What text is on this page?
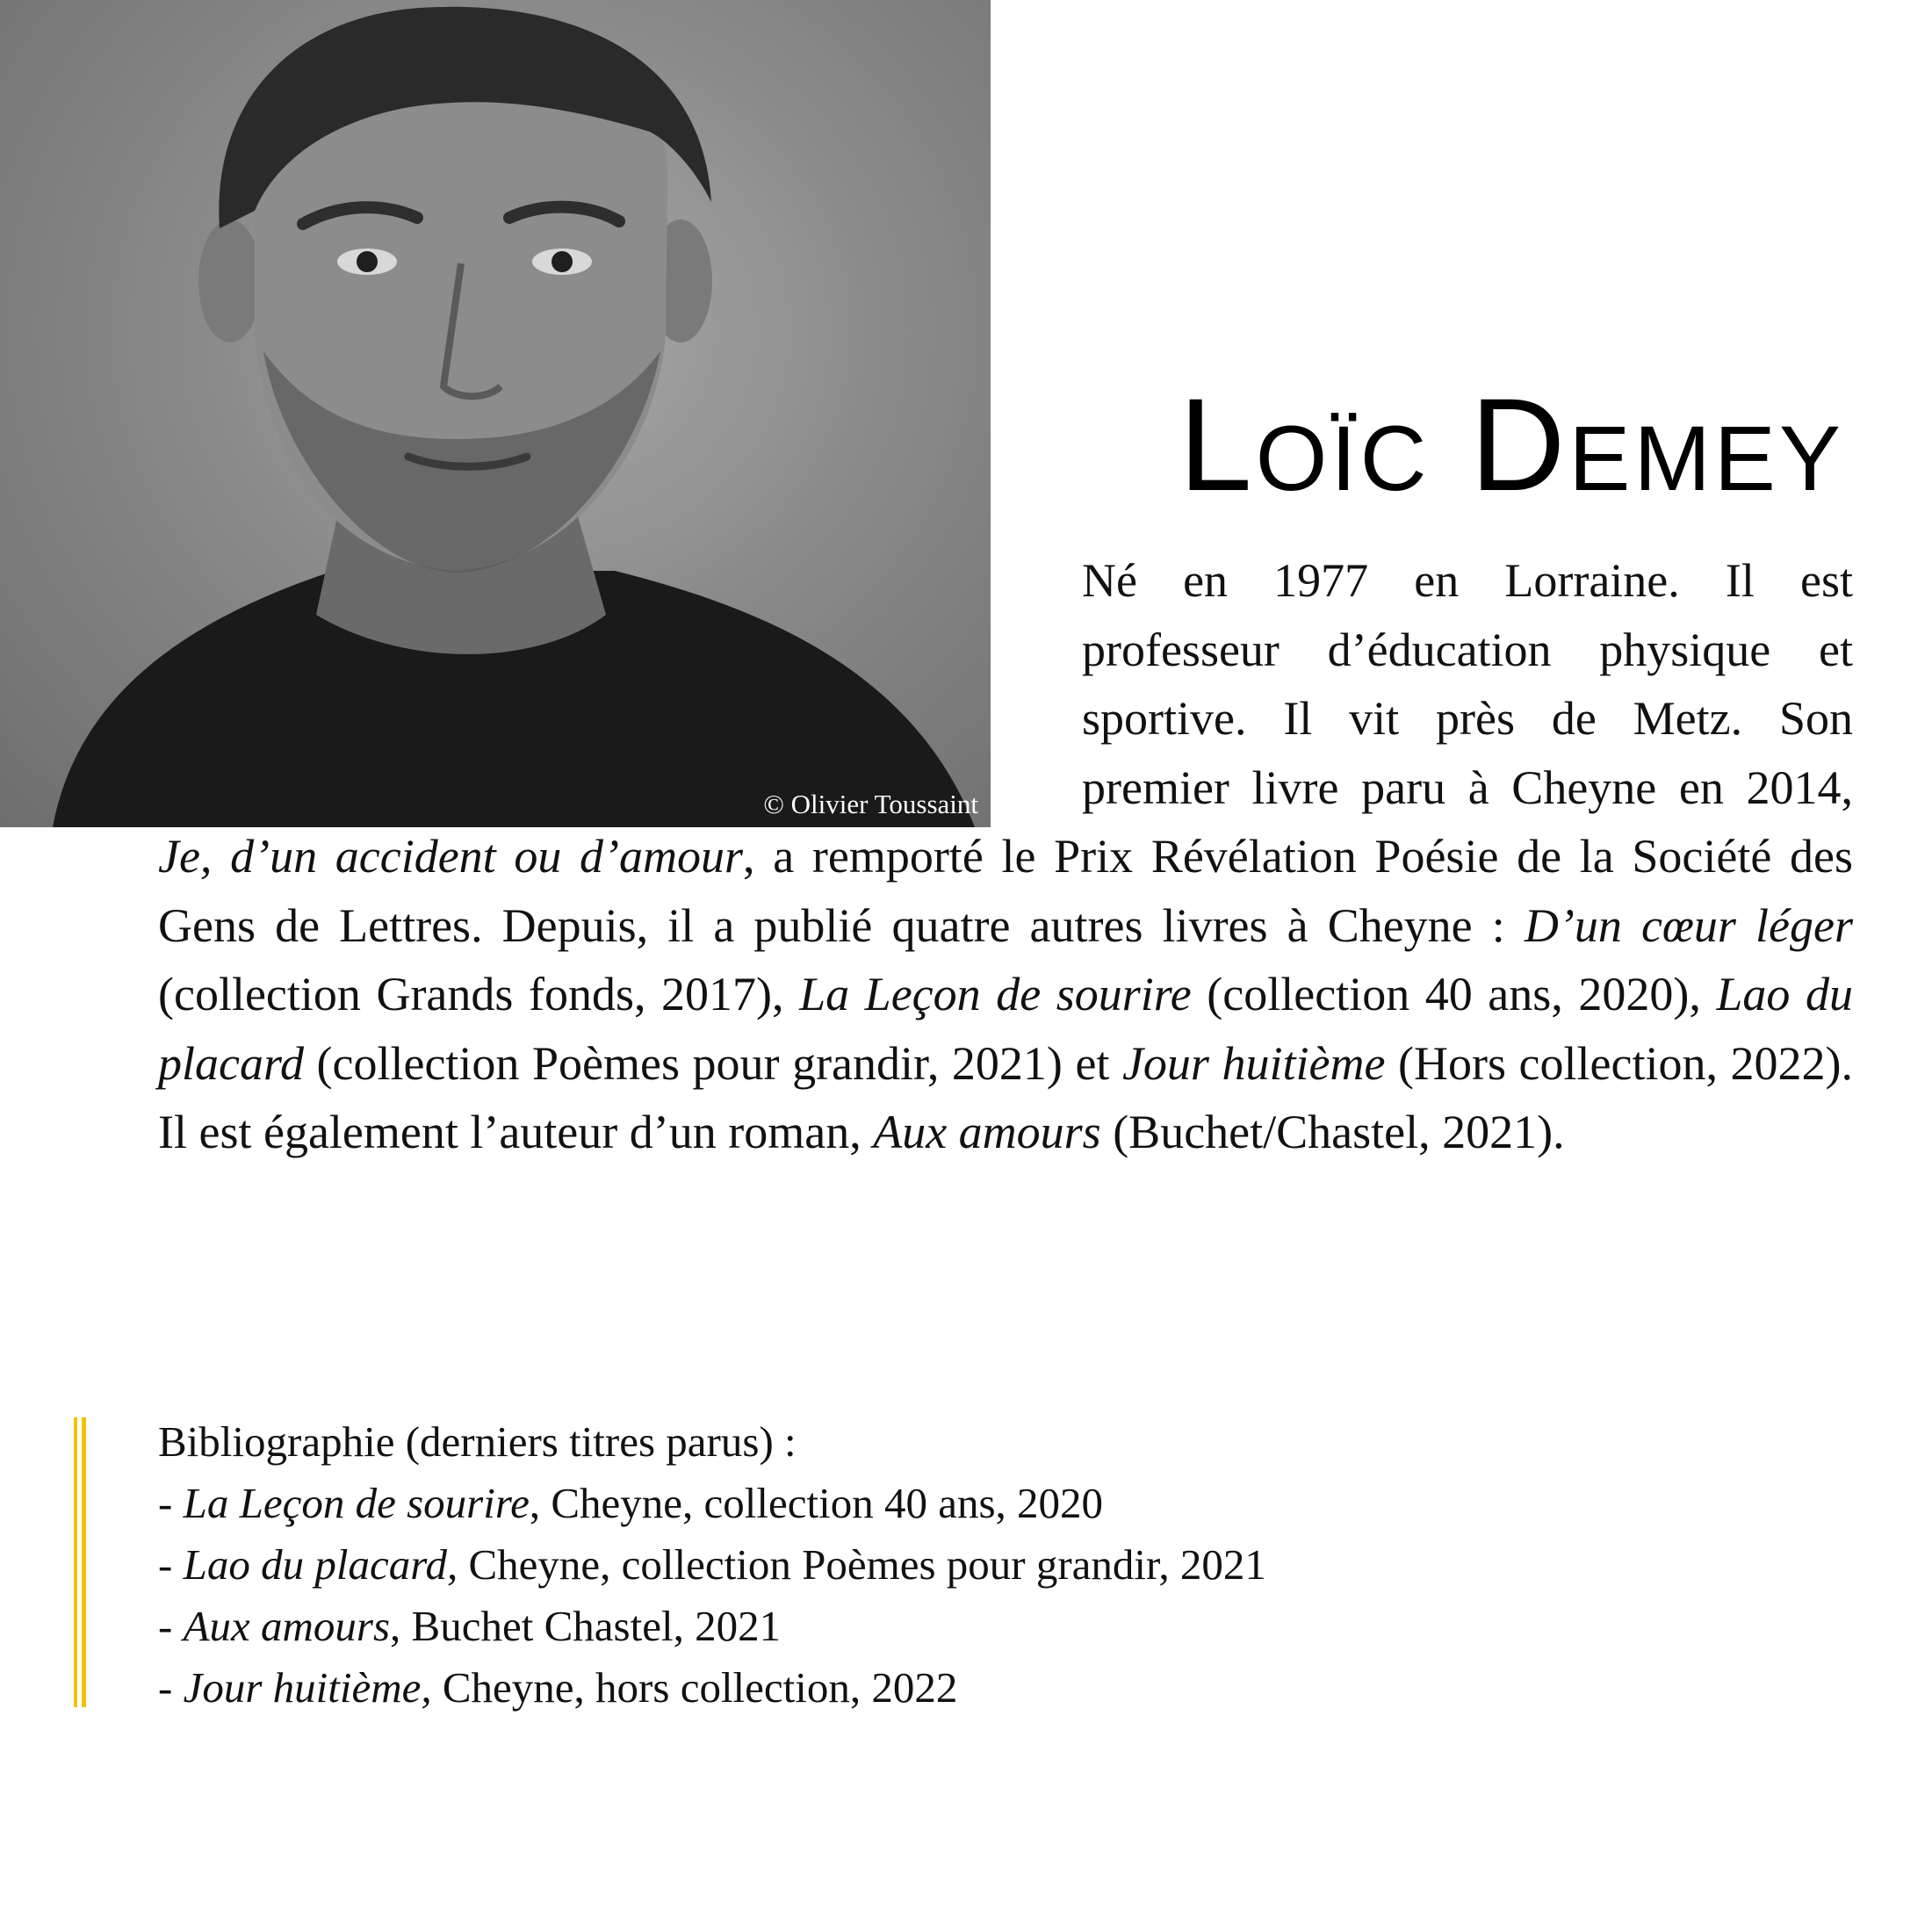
© Olivier Toussaint
Loïc Demey

Né en 1977 en Lorraine. Il est professeur d’éducation physique et sportive. Il vit près de Metz. Son premier livre paru à Cheyne en 2014, Je, d’un accident ou d’amour, a remporté le Prix Révélation Poésie de la Société des Gens de Lettres. Depuis, il a publié quatre autres livres à Cheyne : D’un cœur léger (collection Grands fonds, 2017), La Leçon de sourire (collection 40 ans, 2020), Lao du placard (collection Poèmes pour grandir, 2021) et Jour huitième (Hors collection, 2022). Il est également l’auteur d’un roman, Aux amours (Buchet/Chastel, 2021).

Bibliographie (derniers titres parus) :
- La Leçon de sourire, Cheyne, collection 40 ans, 2020
- Lao du placard, Cheyne, collection Poèmes pour grandir, 2021
- Aux amours, Buchet Chastel, 2021
- Jour huitième, Cheyne, hors collection, 2022
